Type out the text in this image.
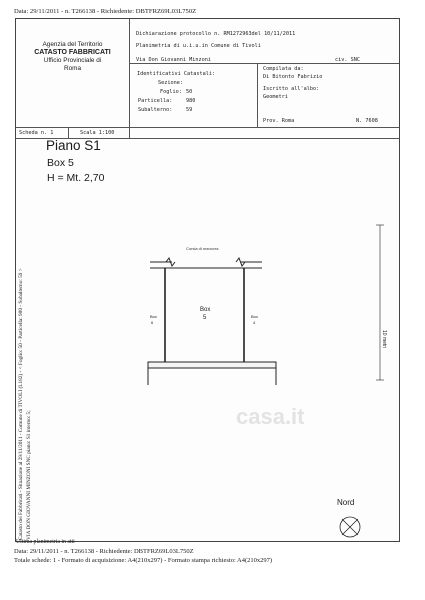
Data: 29/11/2011 - n. T266138 - Richiedente: DBTFRZ69L03L750Z
Agenzia del Territorio
CATASTO FABBRICATI
Ufficio Provinciale di
Roma
Dichiarazione protocollo n. RM1272963del 10/11/2011
Planimetria di u.i.u.in Comune di Tivoli
Via Don Giovanni Minzoni	civ. SNC
Identificativi Catastali:
Sezione:
Foglio: 50
Particella:	980
Subalterno:	59
Compilata da:
Di Bitonto Fabrizio
Iscritto all'albo:
Geometri
Prov. Roma	N. 7608
Scheda n. 1	Scala 1:100
Piano S1
Box 5
H = Mt. 2,70
Corsia di manovra
Box
5
Box
6
Box
4
10 metri
casa.it
Catasto dei Fabbricati - Situazione al 29/11/2011 - Comune di TIVOLI (L182) - < Foglio: 50 - Particella: 980 - Subalterno: 59 > VIA DON GIOVANNI MINZONI SNC piano: S1 interno: 5;	Nord
Ultima planimetria in atti
Data: 29/11/2011 - n. T266138 - Richiedente: DBTFRZ69L03L750Z
Totale schede: 1 - Formato di acquisizione: A4(210x297) - Formato stampa richiesto: A4(210x297)
